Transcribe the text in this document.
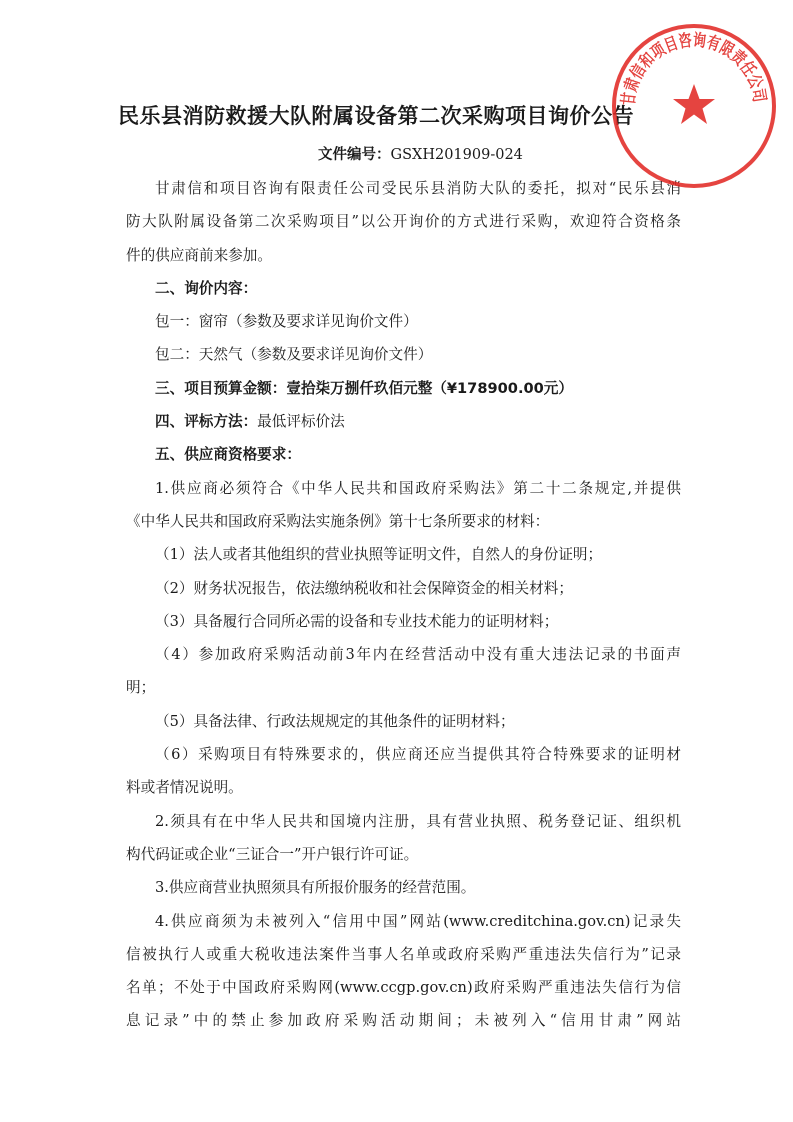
民乐县消防救援大队附属设备第二次采购项目询价公告
文件编号：GSXH201909-024

甘肃信和项目咨询有限责任公司受民乐县消防大队的委托，拟对“民乐县消

防大队附属设备第二次采购项目”以公开询价的方式进行采购，欢迎符合资格条

件的供应商前来参加。

二、询价内容：

包一：窗帘（参数及要求详见询价文件）

包二：天然气（参数及要求详见询价文件）

三、项目预算金额：壹拾柒万捌仟玖佰元整（¥178900.00元）

四、评标方法：最低评标价法

五、供应商资格要求：

1.供应商必须符合《中华人民共和国政府采购法》第二十二条规定,并提供

《中华人民共和国政府采购法实施条例》第十七条所要求的材料：

（1）法人或者其他组织的营业执照等证明文件，自然人的身份证明；

（2）财务状况报告，依法缴纳税收和社会保障资金的相关材料；

（3）具备履行合同所必需的设备和专业技术能力的证明材料；

（4）参加政府采购活动前3年内在经营活动中没有重大违法记录的书面声

明；

（5）具备法律、行政法规规定的其他条件的证明材料；

（6）采购项目有特殊要求的，供应商还应当提供其符合特殊要求的证明材

料或者情况说明。

2.须具有在中华人民共和国境内注册，具有营业执照、税务登记证、组织机

构代码证或企业“三证合一”开户银行许可证。

3.供应商营业执照须具有所报价服务的经营范围。

4.供应商须为未被列入“信用中国”网站(www.creditchina.gov.cn)记录失

信被执行人或重大税收违法案件当事人名单或政府采购严重违法失信行为”记录

名单；不处于中国政府采购网(www.ccgp.gov.cn)政府采购严重违法失信行为信

息记录”中的禁止参加政府采购活动期间；未被列入“信用甘肃”网站

甘肃信和项目咨询有限责任公司
